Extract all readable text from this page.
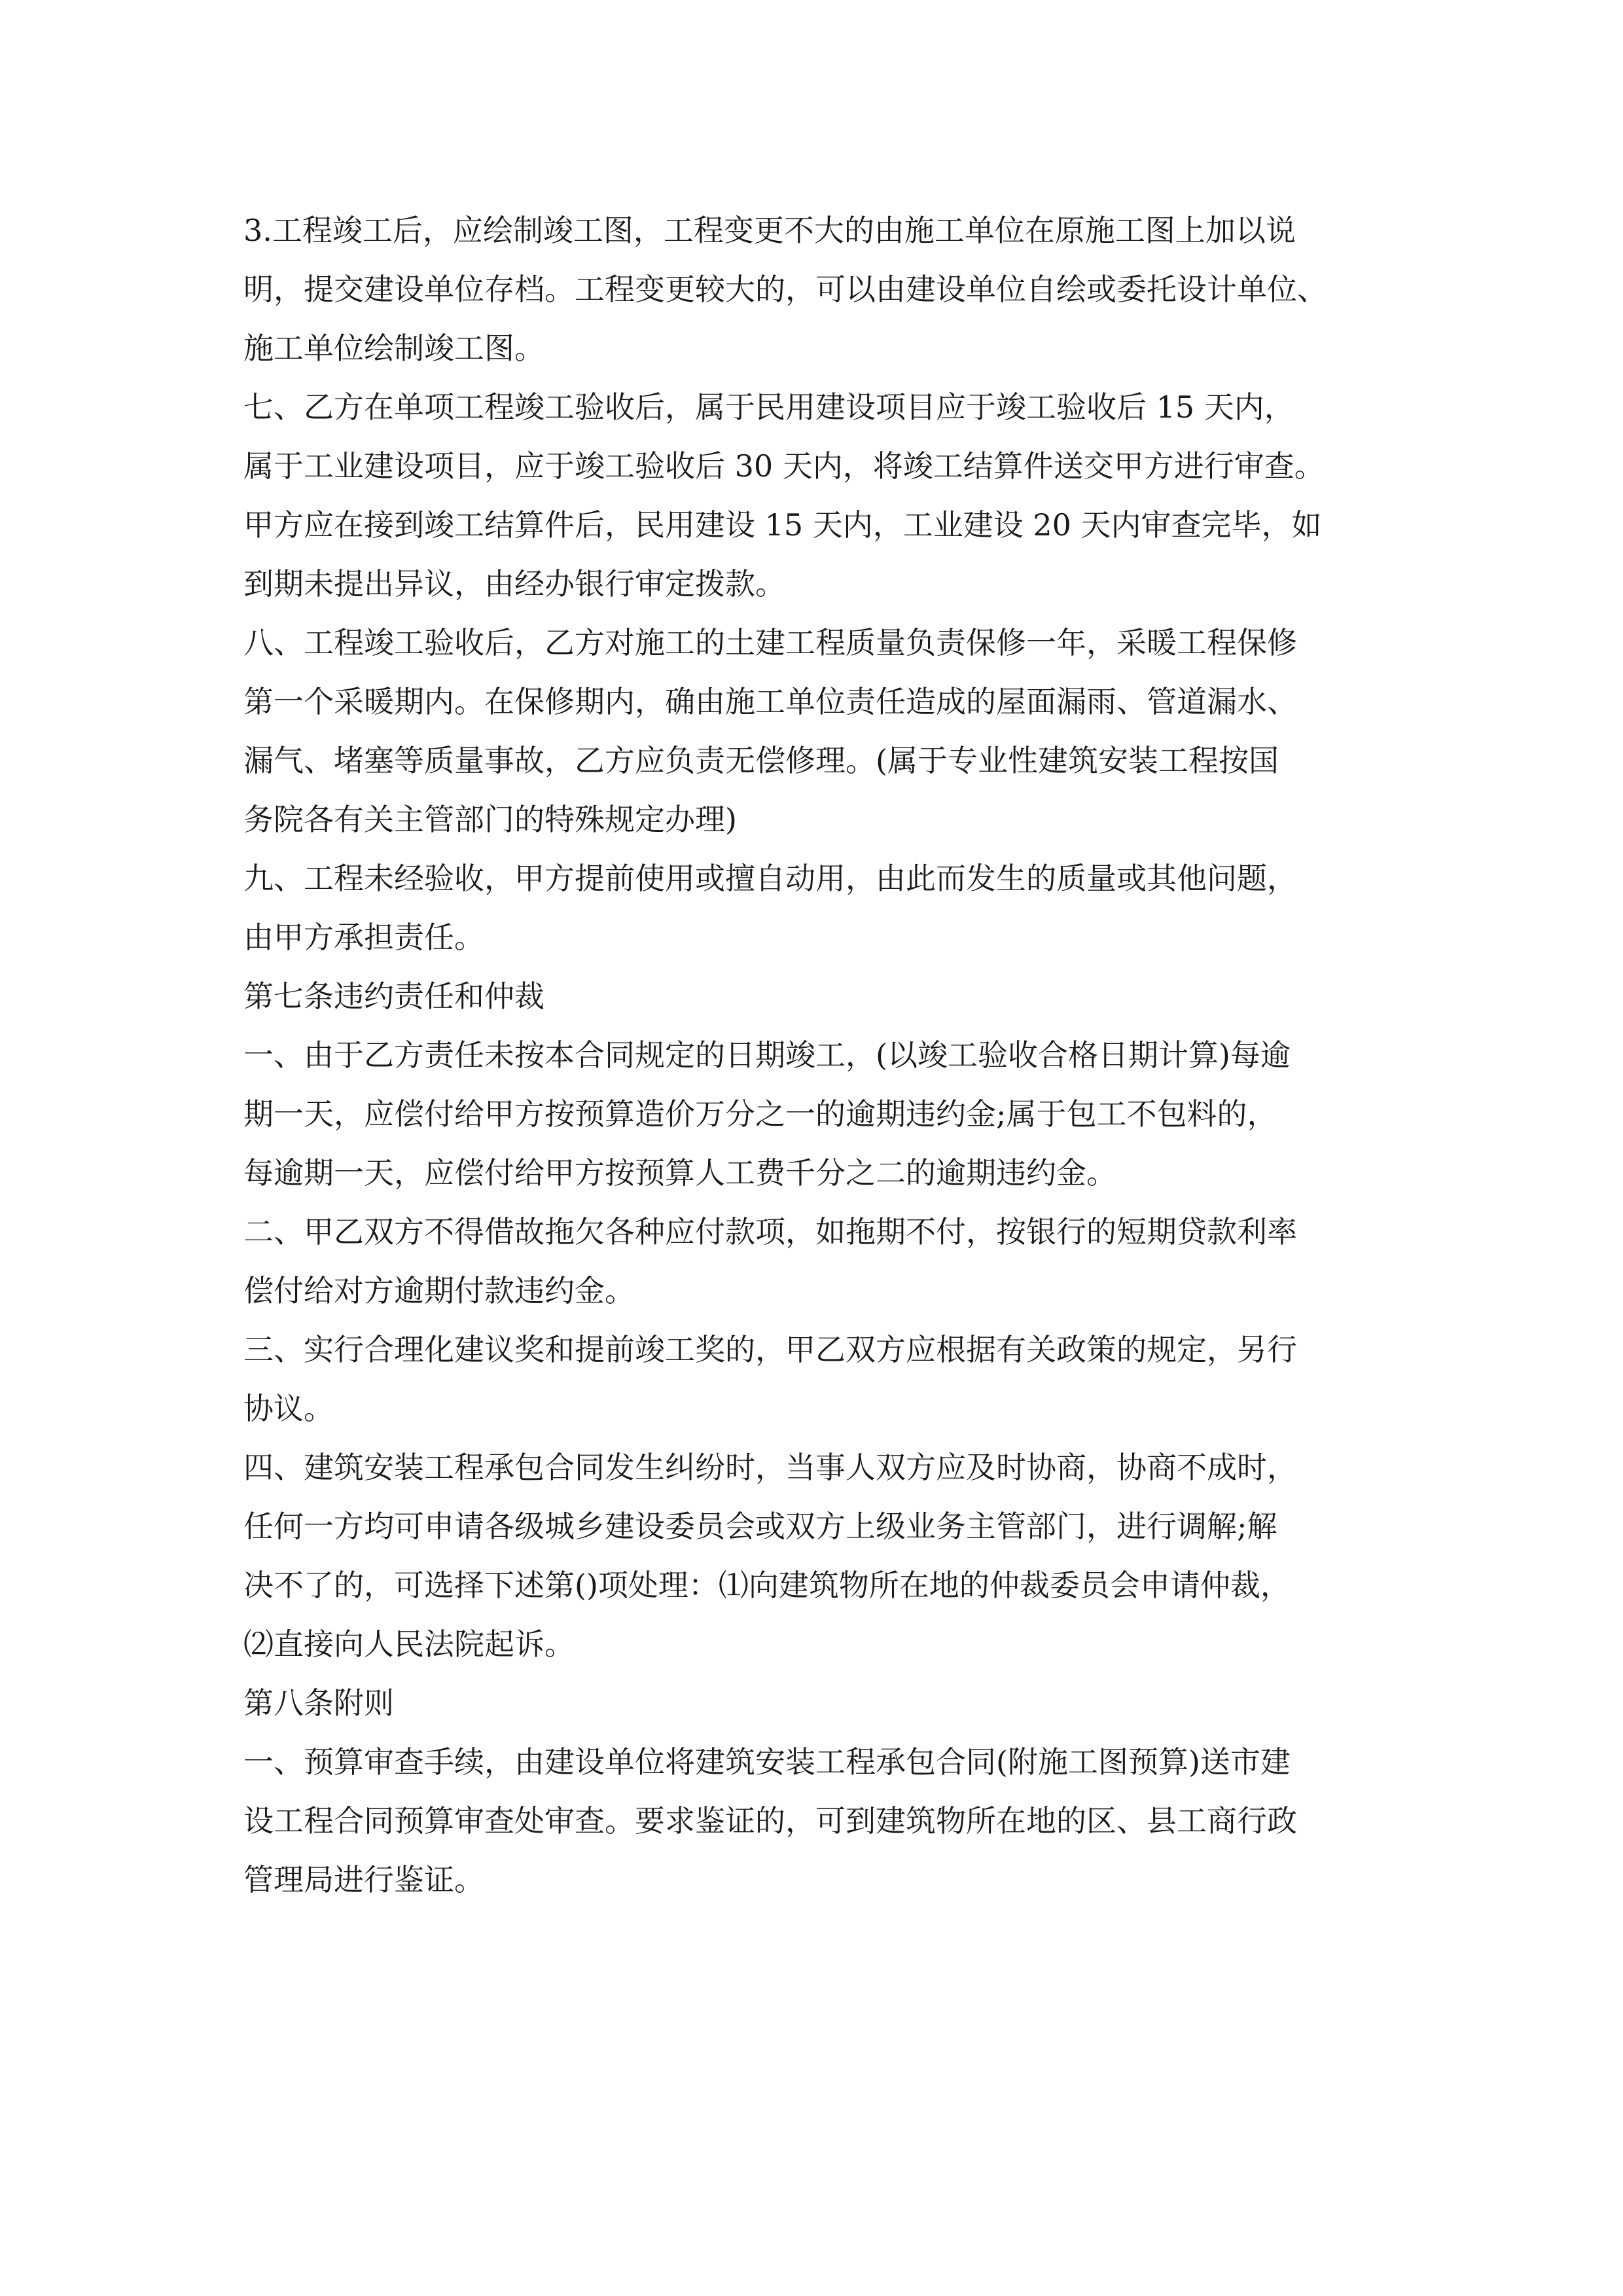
3.工程竣工后，应绘制竣工图，工程变更不大的由施工单位在原施工图上加以说

明，提交建设单位存档。工程变更较大的，可以由建设单位自绘或委托设计单位、

施工单位绘制竣工图。

七、乙方在单项工程竣工验收后，属于民用建设项目应于竣工验收后 15 天内，

属于工业建设项目，应于竣工验收后 30 天内，将竣工结算件送交甲方进行审查。

甲方应在接到竣工结算件后，民用建设 15 天内，工业建设 20 天内审查完毕，如

到期未提出异议，由经办银行审定拨款。

八、工程竣工验收后，乙方对施工的土建工程质量负责保修一年，采暖工程保修

第一个采暖期内。在保修期内，确由施工单位责任造成的屋面漏雨、管道漏水、

漏气、堵塞等质量事故，乙方应负责无偿修理。(属于专业性建筑安装工程按国

务院各有关主管部门的特殊规定办理)

九、工程未经验收，甲方提前使用或擅自动用，由此而发生的质量或其他问题，

由甲方承担责任。

第七条违约责任和仲裁

一、由于乙方责任未按本合同规定的日期竣工，(以竣工验收合格日期计算)每逾

期一天，应偿付给甲方按预算造价万分之一的逾期违约金;属于包工不包料的，

每逾期一天，应偿付给甲方按预算人工费千分之二的逾期违约金。

二、甲乙双方不得借故拖欠各种应付款项，如拖期不付，按银行的短期贷款利率

偿付给对方逾期付款违约金。

三、实行合理化建议奖和提前竣工奖的，甲乙双方应根据有关政策的规定，另行

协议。

四、建筑安装工程承包合同发生纠纷时，当事人双方应及时协商，协商不成时，

任何一方均可申请各级城乡建设委员会或双方上级业务主管部门，进行调解;解

决不了的，可选择下述第()项处理：⑴向建筑物所在地的仲裁委员会申请仲裁，

⑵直接向人民法院起诉。

第八条附则

一、预算审查手续，由建设单位将建筑安装工程承包合同(附施工图预算)送市建

设工程合同预算审查处审查。要求鉴证的，可到建筑物所在地的区、县工商行政

管理局进行鉴证。
